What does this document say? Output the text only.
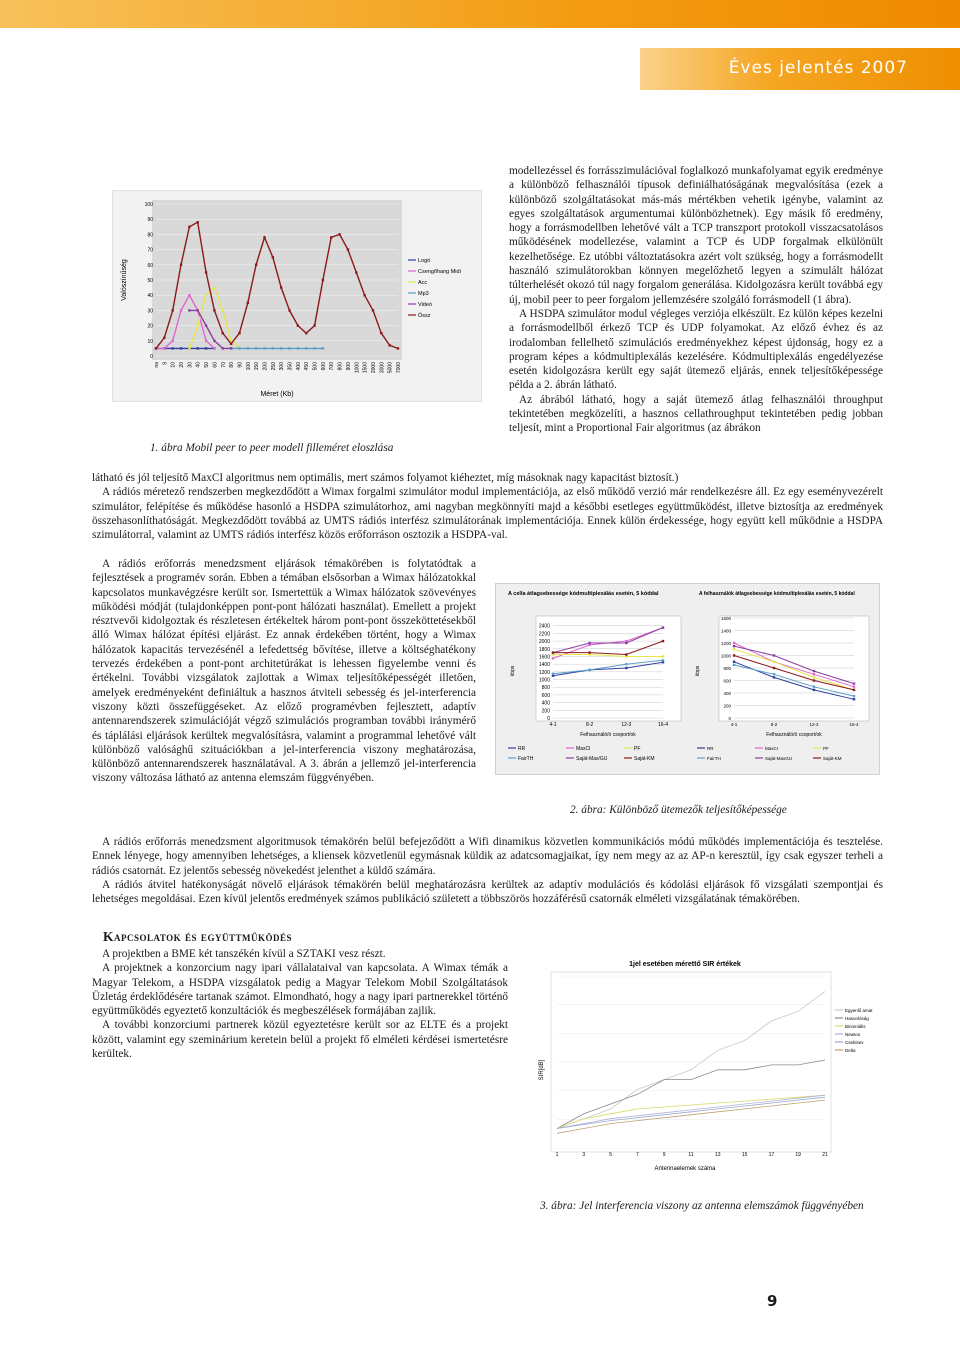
Éves jelentés 2007
0
10
20
30
40
50
60
70
80
90
100
na 9 10 20 30 40 50 60 70 80 90 100 150 200 250 300 350 400 450 500 600 700 800 900 1000 1500 2000 3000 5000 7000
Valószínűség
Méret (Kb)
Logó
Csengőhang Midi
Acc
Mp3
Videó
Össz
1. ábra Mobil peer to peer modell filleméret eloszlása

modellezéssel és forrásszimulációval foglalkozó munkafolyamat egyik eredménye a különböző felhasználói típusok definiálhatóságának megvalósítása (ezek a különböző szolgáltatásokat más-más mértékben vehetik igénybe, valamint az egyes szolgáltatások argumentumai különbözhetnek). Egy másik fő eredmény, hogy a forrásmodellben lehetővé vált a TCP transzport protokoll visszacsatolásos működésének modellezése, valamint a TCP és UDP forgalmak elkülönült kezelhetősége. Ez utóbbi változtatásokra azért volt szükség, hogy a forrásmodellt használó szimulátorokban könnyen megelőzhető legyen a szimulált hálózat túlterhelését okozó túl nagy forgalom generálása. Kidolgozásra került továbbá egy új, mobil peer to peer forgalom jellemzésére szolgáló forrásmodell (1 ábra).

A HSDPA szimulátor modul végleges verziója elkészült. Ez külön képes kezelni a forrásmodellből érkező TCP és UDP folyamokat. Az előző évhez és az irodalomban fellelhető szimulációs eredményekhez képest újdonság, hogy ez a program képes a kódmultiplexálás kezelésére. Kódmultiplexálás engedélyezése esetén kidolgozásra került egy saját ütemező eljárás, ennek teljesítőképessége példa a 2. ábrán látható.

Az ábrából látható, hogy a saját ütemező átlag felhasználói throughput tekintetében megközelíti, a hasznos cellathroughput tekintetében pedig jobban teljesít, mint a Proportional Fair algoritmus (az ábrákon

látható és jól teljesítő MaxCI algoritmus nem optimális, mert számos folyamot kiéheztet, míg másoknak nagy kapacitást biztosít.)

A rádiós méretező rendszerben megkezdődött a Wimax forgalmi szimulátor modul implementációja, az első működő verzió már rendelkezésre áll. Ez egy eseményvezérelt szimulátor, felépítése és működése hasonló a HSDPA szimulátorhoz, ami nagyban megkönnyíti majd a későbbi esetleges együttműködést, illetve biztosítja az eredmények összehasonlíthatóságát. Megkezdődött továbbá az UMTS rádiós interfész szimulátorának implementációja. Ennek külön érdekessége, hogy együtt kell működnie a HSDPA szimulátorral, valamint az UMTS rádiós interfész közös erőforráson osztozik a HSDPA-val.

A rádiós erőforrás menedzsment eljárások témakörében is folytatódtak a fejlesztések a programév során. Ebben a témában elsősorban a Wimax hálózatokkal kapcsolatos munkavégzésre került sor. Ismertettük a Wimax hálózatok szövevényes működési módját (tulajdonképpen pont-pont hálózati használat). Emellett a projekt résztvevői kidolgoztak és részletesen értékeltek három pont-pont összeköttetésekből álló Wimax hálózat építési eljárást. Ez annak érdekében történt, hogy a Wimax hálózatok kapacitás tervezésénél a lefedettség bővítése, illetve a költséghatékony tervezés érdekében a pont-pont architetúrákat is lehessen figyelembe venni és értékelni. További vizsgálatok zajlottak a Wimax teljesítőképességét illetően, amelyek eredményeként definiáltuk a hasznos átviteli sebesség és jel-interferencia viszony közti összefüggéseket. Az előző programévben fejlesztett, adaptív antennarendszerek szimulációját végző szimulációs programban további iránymérő és táplálási eljárások kerültek megvalósításra, valamint a programmal lehetővé vált különböző valósághű szituációkban a jel-interferencia viszony meghatározása, különböző antennarendszerek használatával. A 3. ábrán a jellemző jel-interferencia viszony változása látható az antenna elemszám függvényében.

A cella átlagsebessége kódmultiplexálás esetén, 5 kóddal
0
200
400
600
800
1000
1200
1400
1600
1800
2000
2200
2400
4-1	8-2	12-3	16-4
kbps
Felhasználó/ó csoport/ok
RR	MaxCI	PF
FairTH	Saját-Max/GU	Saját-KM
A felhasználók átlagsebessége kódmultiplexálás esetén, 5 kóddal
0
200
400
600
800
1000
1200
1400
1600
4-1	8-2	12-3	16-4
kbps
Felhasználó/ó csoport/ok
RR	MaxCI	PF
FairTH	Saját-MaxGU	Saját-KM
2. ábra: Különböző ütemezők teljesítőképessége

A rádiós erőforrás menedzsment algoritmusok témakörén belül befejeződött a Wifi dinamikus közvetlen kommunikációs módú működés implementációja és tesztelése. Ennek lényege, hogy amennyiben lehetséges, a kliensek közvetlenül egymásnak küldik az adatcsomagjaikat, így nem megy az az AP-n keresztül, így csak egyszer terheli a rádiós csatornát. Ez jelentős sebesség növekedést jelenthet a küldő számára.

A rádiós átvitel hatékonyságát növelő eljárások témakörén belül meghatározásra kerültek az adaptív modulációs és kódolási eljárások fő vizsgálati szempontjai és lehetséges megoldásai. Ezen kívül jelentős eredmények számos publikáció született a többszörös hozzáférésű csatornák elméleti vizsgálatának témakörében.

Kapcsolatok és együttműködés

A projektben a BME két tanszékén kívül a SZTAKI vesz részt.

A projektnek a konzorcium nagy ipari vállalataival van kapcsolata. A Wimax témák a Magyar Telekom, a HSDPA vizsgálatok pedig a Magyar Telekom Mobil Szolgáltatások Üzletág érdeklődésére tartanak számot. Elmondható, hogy a nagy ipari partnerekkel történő együttműködés egyeztető konzultációk és megbeszélések formájában zajlik.

A további konzorciumi partnerek közül egyeztetésre került sor az ELTE és a projekt között, valamint egy szeminárium keretein belül a projekt fő elméleti kérdései ismertetésre kerültek.

1jel esetében mérettő SIR értékek
1	3	5	7	9	11	13	15	17	19	21
SIR[dB]
Antennaelemek száma
Egyenlő amat
Hasonlóság
Binomiális
Newton
Csebisev
Delta
3. ábra: Jel interferencia viszony az antenna elemszámok függvényében
9
